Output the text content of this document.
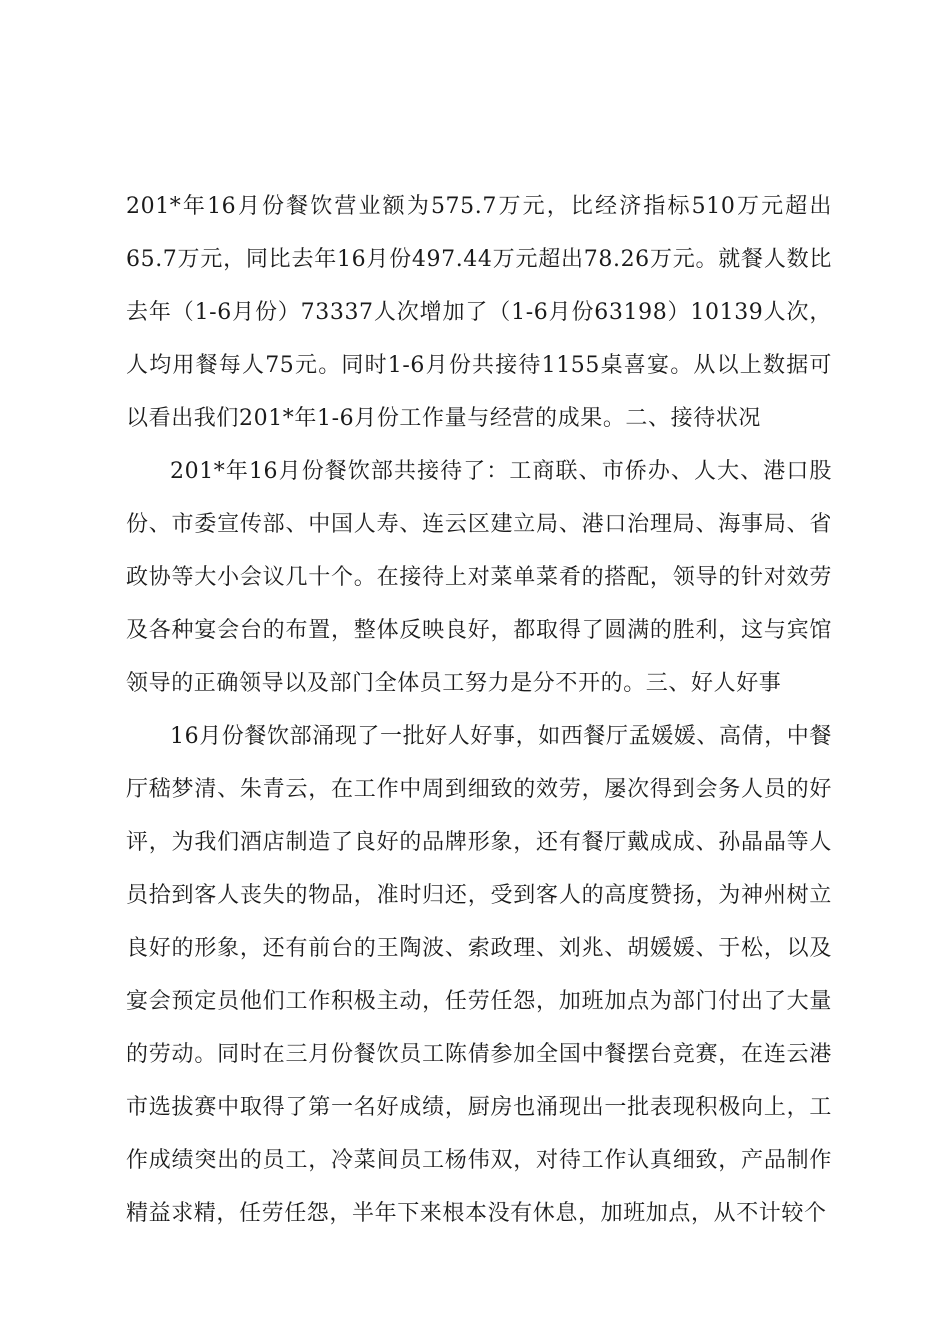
201*年16月份餐饮营业额为575.7万元，比经济指标510万元超出65.7万元，同比去年16月份497.44万元超出78.26万元。就餐人数比去年（1-6月份）73337人次增加了（1-6月份63198）10139人次，人均用餐每人75元。同时1-6月份共接待1155桌喜宴。从以上数据可以看出我们201*年1-6月份工作量与经营的成果。二、接待状况

201*年16月份餐饮部共接待了：工商联、市侨办、人大、港口股份、市委宣传部、中国人寿、连云区建立局、港口治理局、海事局、省政协等大小会议几十个。在接待上对菜单菜肴的搭配，领导的针对效劳及各种宴会台的布置，整体反映良好，都取得了圆满的胜利，这与宾馆领导的正确领导以及部门全体员工努力是分不开的。三、好人好事

16月份餐饮部涌现了一批好人好事，如西餐厅孟媛媛、高倩，中餐厅嵇梦清、朱青云，在工作中周到细致的效劳，屡次得到会务人员的好评，为我们酒店制造了良好的品牌形象，还有餐厅戴成成、孙晶晶等人员拾到客人丧失的物品，准时归还，受到客人的高度赞扬，为神州树立良好的形象，还有前台的王陶波、索政理、刘兆、胡媛媛、于松，以及宴会预定员他们工作积极主动，任劳任怨，加班加点为部门付出了大量的劳动。同时在三月份餐饮员工陈倩参加全国中餐摆台竞赛，在连云港市选拔赛中取得了第一名好成绩，厨房也涌现出一批表现积极向上，工作成绩突出的员工，冷菜间员工杨伟双，对待工作认真细致，产品制作精益求精，任劳任怨，半年下来根本没有休息，加班加点，从不计较个
